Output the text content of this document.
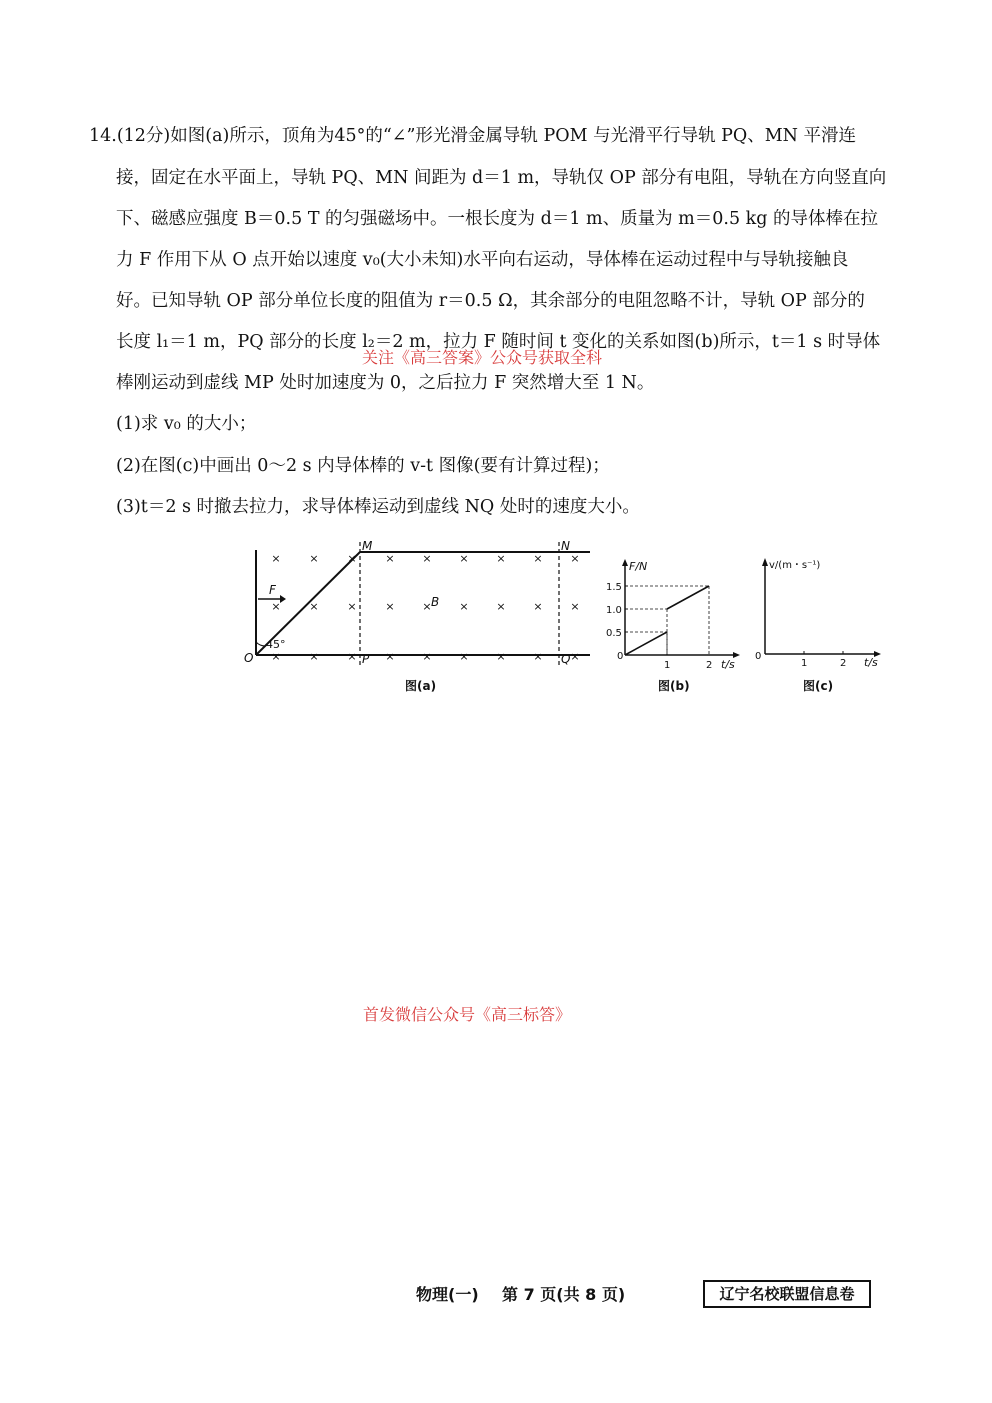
14.(12分)如图(a)所示，顶角为45°的“∠”形光滑金属导轨 POM 与光滑平行导轨 PQ、MN 平滑连
接，固定在水平面上，导轨 PQ、MN 间距为 d＝1 m，导轨仅 OP 部分有电阻，导轨在方向竖直向
下、磁感应强度 B＝0.5 T 的匀强磁场中。一根长度为 d＝1 m、质量为 m＝0.5 kg 的导体棒在拉
力 F 作用下从 O 点开始以速度 v₀(大小未知)水平向右运动，导体棒在运动过程中与导轨接触良
好。已知导轨 OP 部分单位长度的阻值为 r＝0.5 Ω，其余部分的电阻忽略不计，导轨 OP 部分的
长度 l₁＝1 m，PQ 部分的长度 l₂＝2 m，拉力 F 随时间 t 变化的关系如图(b)所示，t＝1 s 时导体
棒刚运动到虚线 MP 处时加速度为 0，之后拉力 F 突然增大至 1 N。
(1)求 v₀ 的大小；
(2)在图(c)中画出 0～2 s 内导体棒的 v-t 图像(要有计算过程)；
(3)t＝2 s 时撤去拉力，求导体棒运动到虚线 NQ 处时的速度大小。
关注《高三答案》公众号获取全科
×	×	×	×	×	×	×	×	×
×	×	×	×	×	×	×	×	×
×	×	×	×	×	×	×	×	×
O	P	Q
M	N
F
B
45°
图(a)
F/N
t/s
1.5
1.0
0.5
0
1	2
图(b)
v/(m・s⁻¹)
0
1	2 t/s
图(c)
首发微信公众号《高三标答》
物理(一) 第 7 页(共 8 页)	辽宁名校联盟信息卷
